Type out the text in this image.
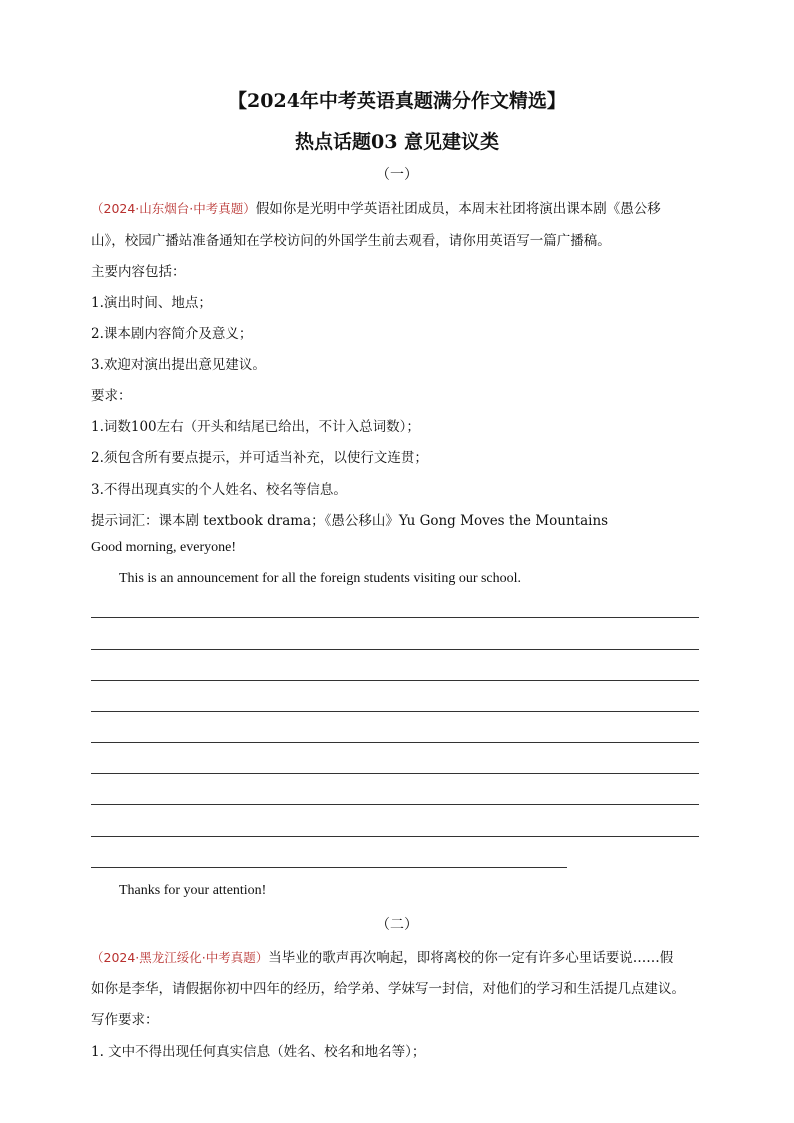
【2024年中考英语真题满分作文精选】
热点话题03 意见建议类
（一）
（2024·山东烟台·中考真题）假如你是光明中学英语社团成员，本周末社团将演出课本剧《愚公移
山》，校园广播站准备通知在学校访问的外国学生前去观看，请你用英语写一篇广播稿。
主要内容包括：
1.演出时间、地点；
2.课本剧内容简介及意义；
3.欢迎对演出提出意见建议。
要求：
1.词数100左右（开头和结尾已给出，不计入总词数）；
2.须包含所有要点提示，并可适当补充，以使行文连贯；
3.不得出现真实的个人姓名、校名等信息。
提示词汇：课本剧 textbook drama；《愚公移山》Yu Gong Moves the Mountains
Good morning, everyone!
This is an announcement for all the foreign students visiting our school.
Thanks for your attention!
（二）
（2024·黑龙江绥化·中考真题）当毕业的歌声再次响起，即将离校的你一定有许多心里话要说……假
如你是李华，请假据你初中四年的经历，给学弟、学妹写一封信，对他们的学习和生活提几点建议。
写作要求：
1. 文中不得出现任何真实信息（姓名、校名和地名等）；
